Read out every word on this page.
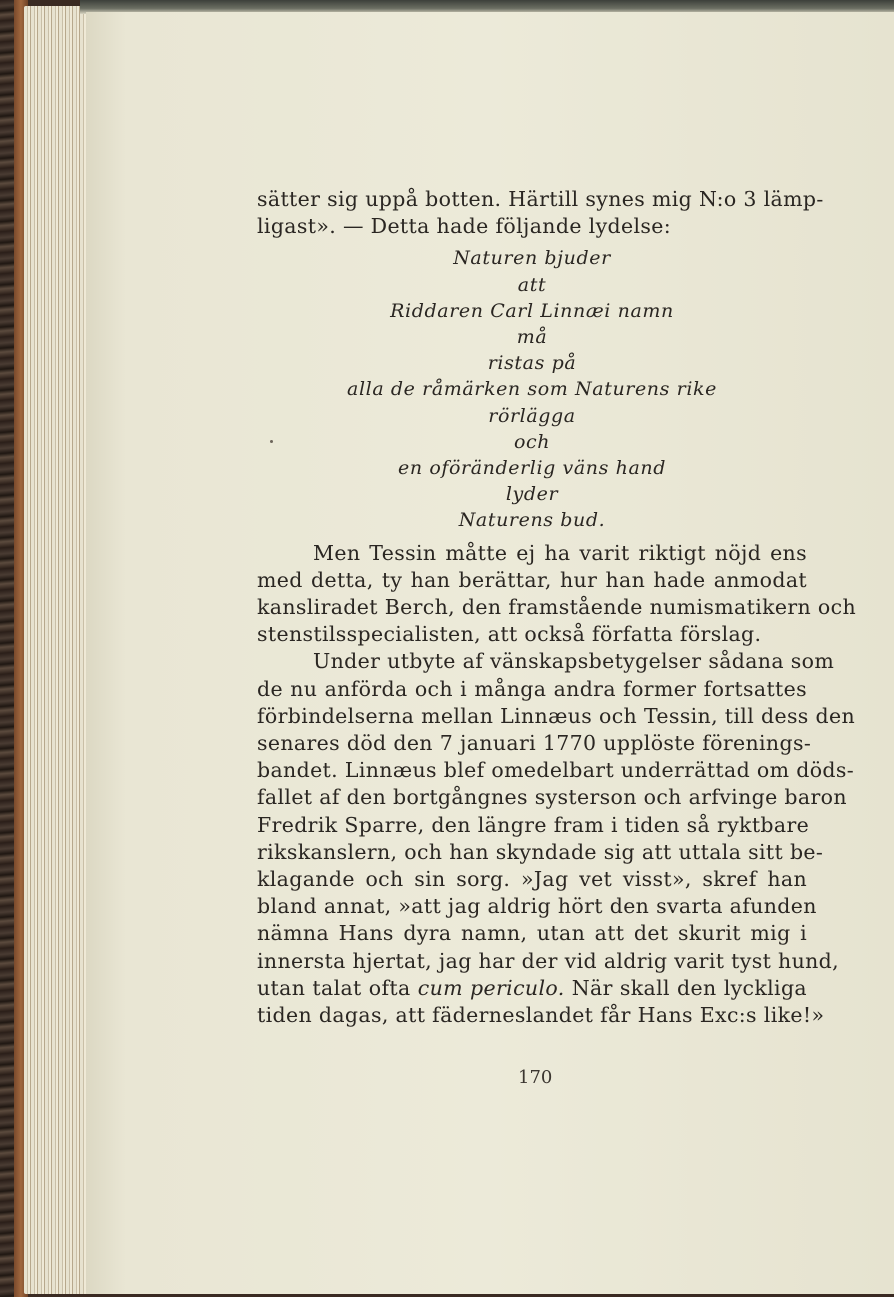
sätter sig uppå botten. Härtill synes mig N:o 3 lämp-
ligast». — Detta hade följande lydelse:
Naturen bjuder
att
Riddaren Carl Linnæi namn
må
ristas på
alla de råmärken som Naturens rike
rörlägga
och
en oföränderlig väns hand
lyder
Naturens bud.
Men Tessin måtte ej ha varit riktigt nöjd ens
med detta, ty han berättar, hur han hade anmodat
kansliradet Berch, den framstående numismatikern och
stenstilsspecialisten, att också författa förslag.
Under utbyte af vänskapsbetygelser sådana som
de nu anförda och i många andra former fortsattes
förbindelserna mellan Linnæus och Tessin, till dess den
senares död den 7 januari 1770 upplöste förenings-
bandet. Linnæus blef omedelbart underrättad om döds-
fallet af den bortgångnes systerson och arfvinge baron
Fredrik Sparre, den längre fram i tiden så ryktbare
rikskanslern, och han skyndade sig att uttala sitt be-
klagande och sin sorg. »Jag vet visst», skref han
bland annat, »att jag aldrig hört den svarta afunden
nämna Hans dyra namn, utan att det skurit mig i
innersta hjertat, jag har der vid aldrig varit tyst hund,
utan talat ofta cum periculo. När skall den lyckliga
tiden dagas, att fäderneslandet får Hans Exc:s like!»
170
